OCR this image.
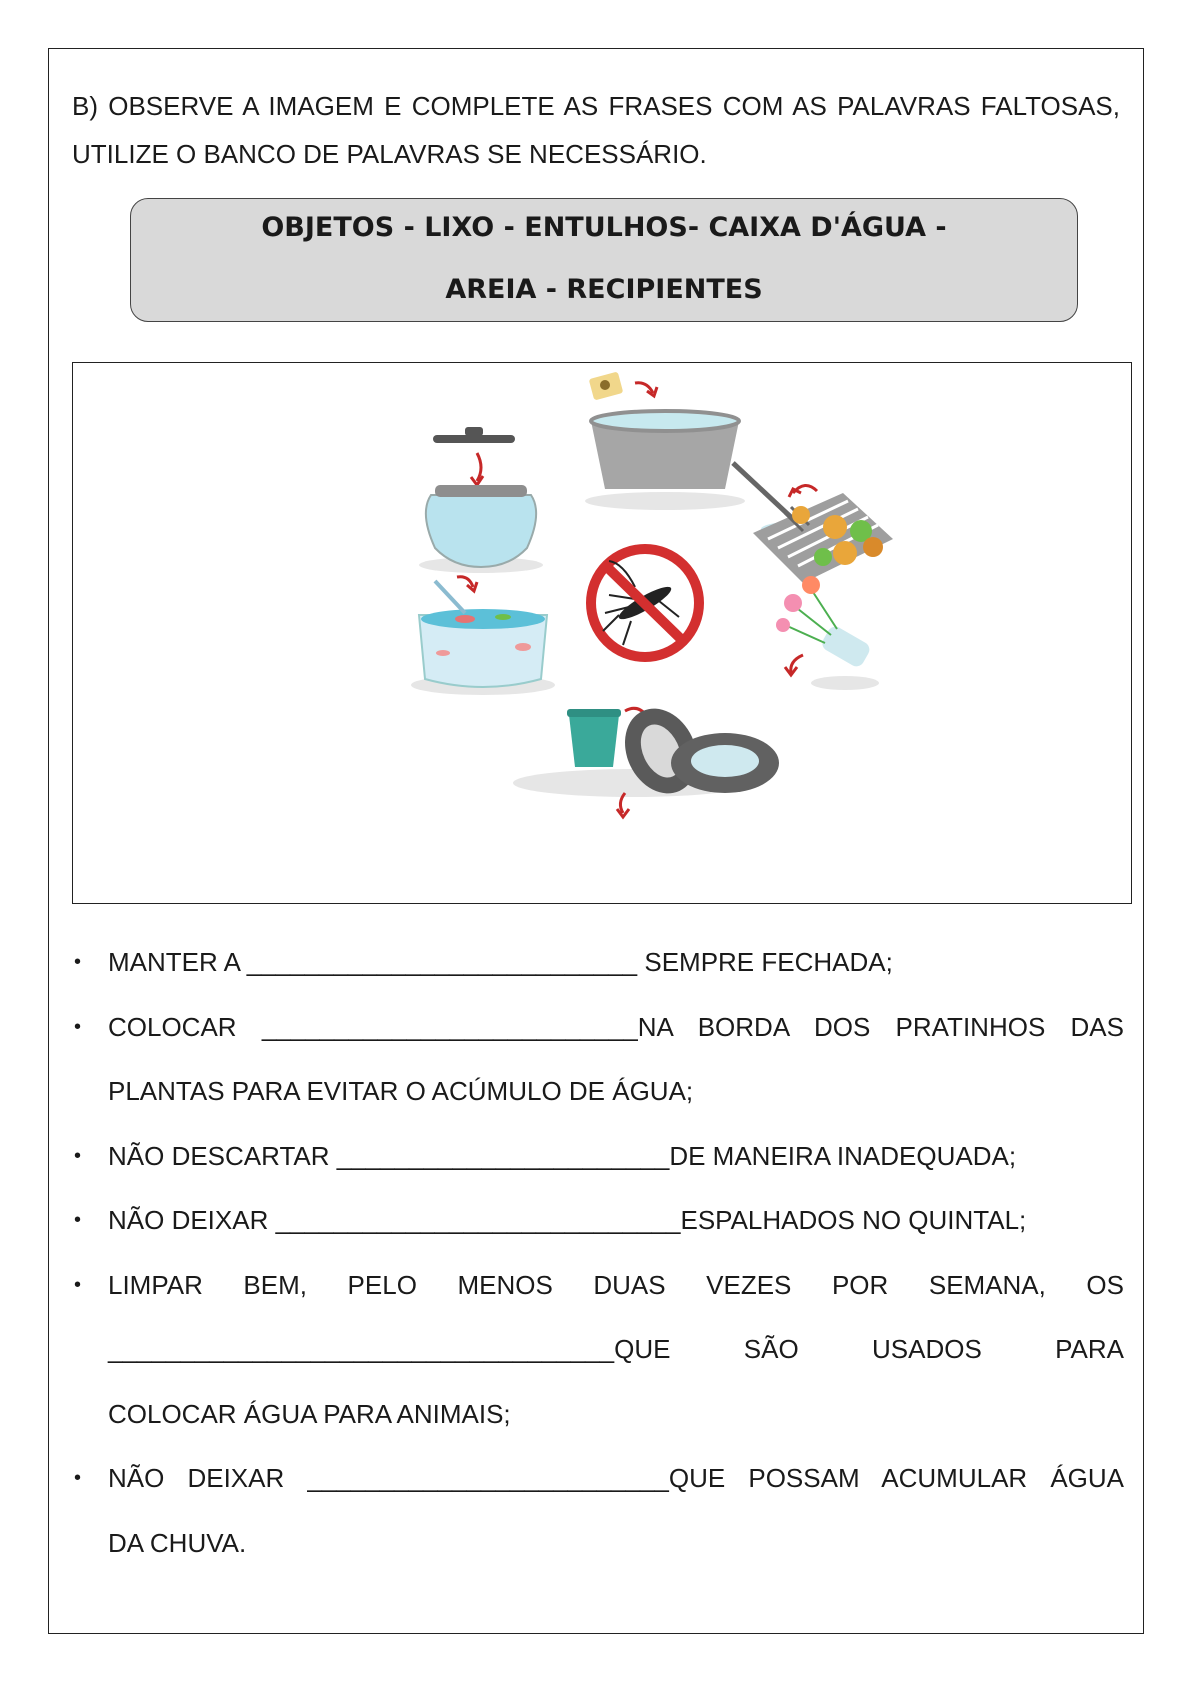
B) OBSERVE A IMAGEM E COMPLETE AS FRASES COM AS PALAVRAS FALTOSAS, UTILIZE O BANCO DE PALAVRAS SE NECESSÁRIO.
OBJETOS - LIXO - ENTULHOS- CAIXA D'ÁGUA -
AREIA - RECIPIENTES
• MANTER A ___________________________ SEMPRE FECHADA;
• COLOCAR __________________________NA BORDA DOS PRATINHOS DAS
PLANTAS PARA EVITAR O ACÚMULO DE ÁGUA;
• NÃO DESCARTAR _______________________DE MANEIRA INADEQUADA;
• NÃO DEIXAR ____________________________ESPALHADOS NO QUINTAL;
• LIMPAR BEM, PELO MENOS DUAS VEZES POR SEMANA, OS
___________________________________QUE SÃO USADOS PARA
COLOCAR ÁGUA PARA ANIMAIS;
• NÃO DEIXAR _________________________QUE POSSAM ACUMULAR ÁGUA
DA CHUVA.
